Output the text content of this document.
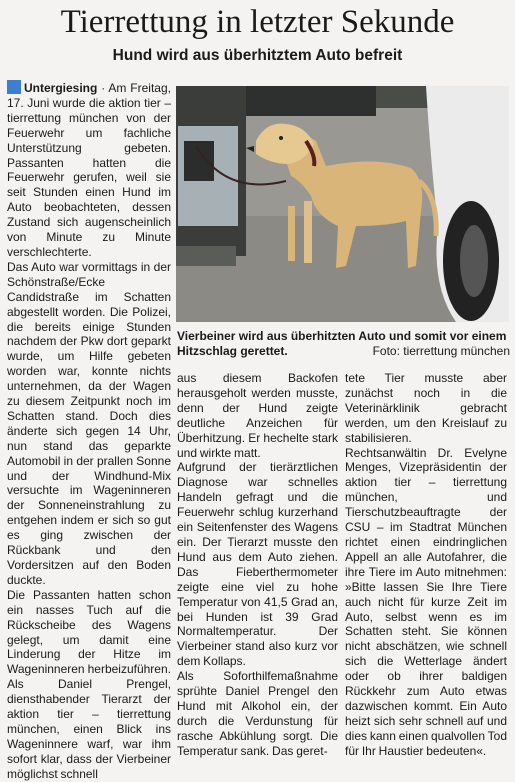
Tierrettung in letzter Sekunde
Hund wird aus überhitztem Auto befreit

Untergiesing · Am Freitag, 17. Juni wurde die aktion tier – tierrettung münchen von der Feuerwehr um fachliche Unterstützung gebeten. Passanten hatten die Feuerwehr gerufen, weil sie seit Stunden einen Hund im Auto beobachteten, dessen Zustand sich augenscheinlich von Minute zu Minute verschlechterte.

Das Auto war vormittags in der Schönstraße/Ecke Candidstraße im Schatten abgestellt worden. Die Polizei, die bereits einige Stunden nachdem der Pkw dort geparkt wurde, um Hilfe gebeten worden war, konnte nichts unternehmen, da der Wagen zu diesem Zeitpunkt noch im Schatten stand. Doch dies änderte sich gegen 14 Uhr, nun stand das geparkte Automobil in der prallen Sonne und der Windhund-Mix versuchte im Wageninneren der Sonneneinstrahlung zu entgehen indem er sich so gut es ging zwischen der Rückbank und den Vordersitzen auf den Boden duckte.

Die Passanten hatten schon ein nasses Tuch auf die Rückscheibe des Wagens gelegt, um damit eine Linderung der Hitze im Wageninneren herbeizuführen. Als Daniel Prengel, diensthabender Tierarzt der aktion tier – tierrettung münchen, einen Blick ins Wageninnere warf, war ihm sofort klar, dass der Vierbeiner möglichst schnell

Vierbeiner wird aus überhitzten Auto und somit vor einem Hitzschlag gerettet.	Foto: tierrettung münchen

aus diesem Backofen herausgeholt werden musste, denn der Hund zeigte deutliche Anzeichen für Überhitzung. Er hechelte stark und wirkte matt.

Aufgrund der tierärztlichen Diagnose war schnelles Handeln gefragt und die Feuerwehr schlug kurzerhand ein Seitenfenster des Wagens ein. Der Tierarzt musste den Hund aus dem Auto ziehen. Das Fieberthermometer zeigte eine viel zu hohe Temperatur von 41,5 Grad an, bei Hunden ist 39 Grad Normaltemperatur. Der Vierbeiner stand also kurz vor dem Kollaps.

Als Soforthilfemaßnahme sprühte Daniel Prengel den Hund mit Alkohol ein, der durch die Verdunstung für rasche Abkühlung sorgt. Die Temperatur sank. Das geret-

tete Tier musste aber zunächst noch in die Veterinärklinik gebracht werden, um den Kreislauf zu stabilisieren.

Rechtsanwältin Dr. Evelyne Menges, Vizepräsidentin der aktion tier – tierrettung münchen, und Tierschutzbeauftragte der CSU – im Stadtrat München richtet einen eindringlichen Appell an alle Autofahrer, die ihre Tiere im Auto mitnehmen: »Bitte lassen Sie Ihre Tiere auch nicht für kurze Zeit im Auto, selbst wenn es im Schatten steht. Sie können nicht abschätzen, wie schnell sich die Wetterlage ändert oder ob ihrer baldigen Rückkehr zum Auto etwas dazwischen kommt. Ein Auto heizt sich sehr schnell auf und dies kann einen qualvollen Tod für Ihr Haustier bedeuten«.
